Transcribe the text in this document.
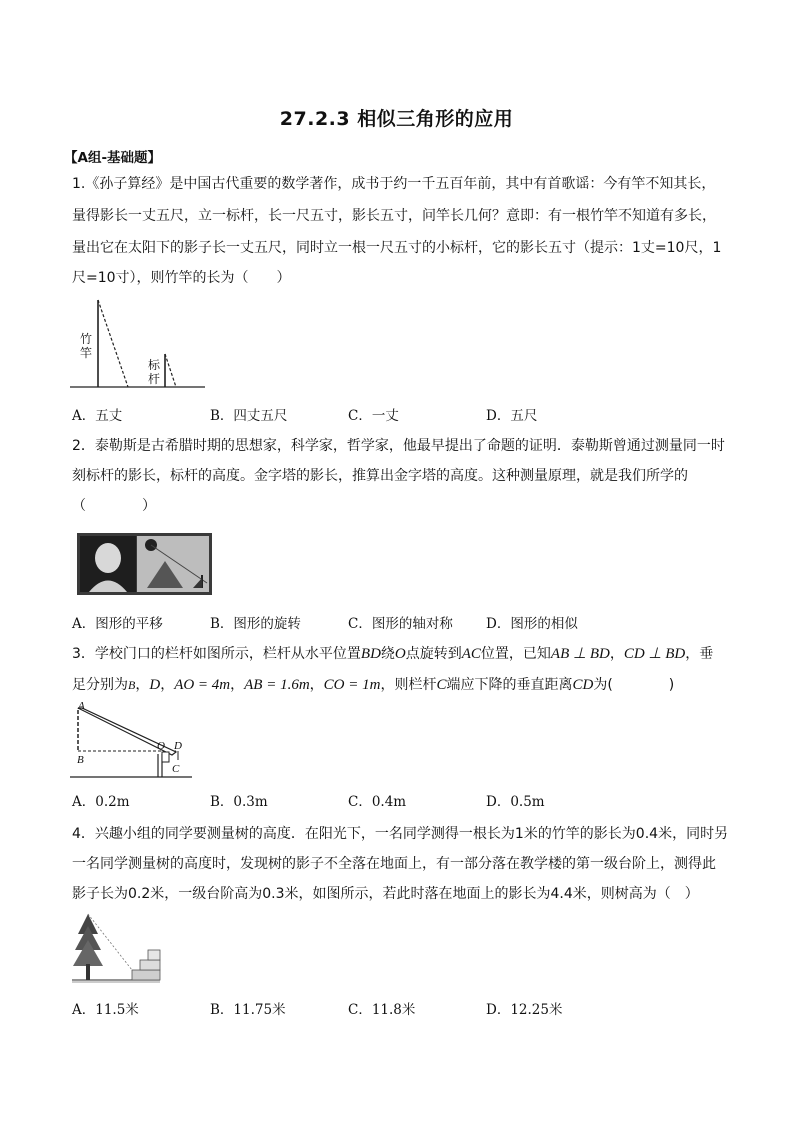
27.2.3 相似三角形的应用
【A组-基础题】
1.《孙子算经》是中国古代重要的数学著作，成书于约一千五百年前，其中有首歌谣：今有竿不知其长，
量得影长一丈五尺，立一标杆，长一尺五寸，影长五寸，问竿长几何？意即：有一根竹竿不知道有多长，
量出它在太阳下的影子长一丈五尺，同时立一根一尺五寸的小标杆，它的影长五寸（提示：1丈=10尺，1
尺=10寸），则竹竿的长为（　　）
竹竿
标杆
A．五丈	B．四丈五尺	C．一丈	D．五尺
2．泰勒斯是古希腊时期的思想家，科学家，哲学家，他最早提出了命题的证明．泰勒斯曾通过测量同一时
刻标杆的影长，标杆的高度。金字塔的影长，推算出金字塔的高度。这种测量原理，就是我们所学的
（　　　　）
A．图形的平移	B．图形的旋转	C．图形的轴对称 D．图形的相似
3．学校门口的栏杆如图所示，栏杆从水平位置BD绕O点旋转到AC位置，已知AB ⊥ BD，CD ⊥ BD，垂
足分别为B，D，AO = 4m，AB = 1.6m，CO = 1m，则栏杆C端应下降的垂直距离CD为(　　　　)
A
B
O D
C
A．0.2m	B．0.3m	C．0.4m	D．0.5m
4．兴趣小组的同学要测量树的高度．在阳光下，一名同学测得一根长为1米的竹竿的影长为0.4米，同时另
一名同学测量树的高度时，发现树的影子不全落在地面上，有一部分落在教学楼的第一级台阶上，测得此
影子长为0.2米，一级台阶高为0.3米，如图所示，若此时落在地面上的影长为4.4米，则树高为（　）
A．11.5米	B．11.75米	C．11.8米	D．12.25米
